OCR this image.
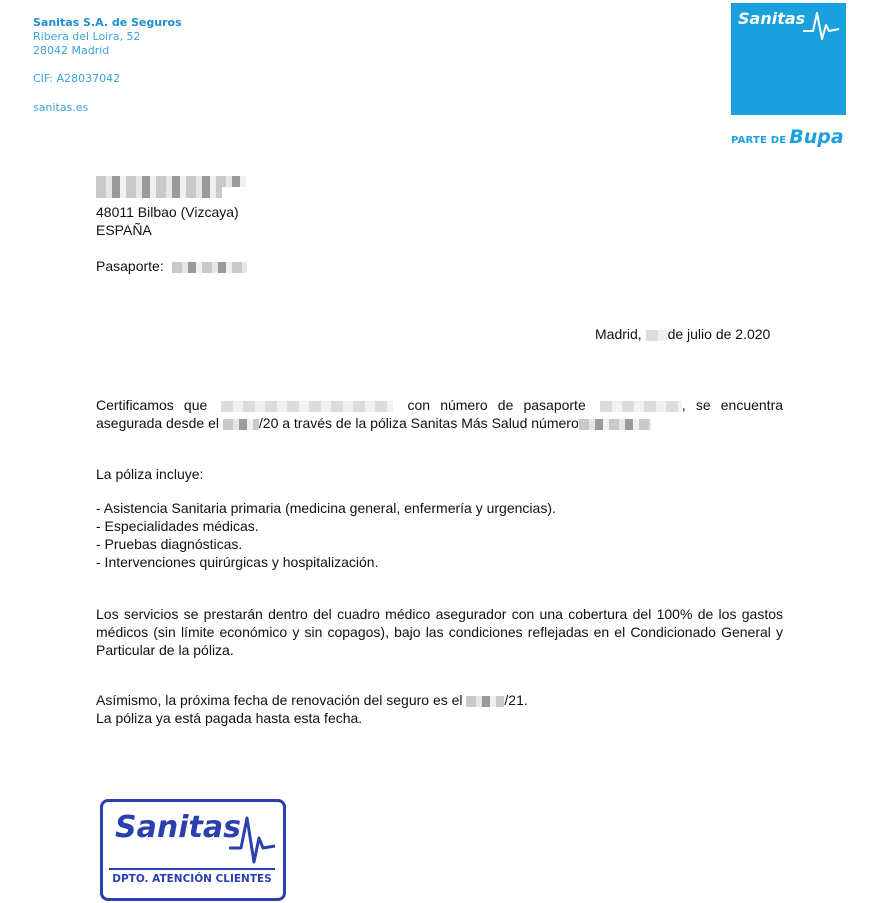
Sanitas S.A. de Seguros
Ribera del Loira, 52
28042 Madrid
CIF: A28037042
sanitas.es
Sanitas
PARTE DE Bupa
48011 Bilbao (Vizcaya)
ESPAÑA
Pasaporte:
Madrid, de julio de 2.020
Certificamos que	con número de pasaporte	, se encuentra asegurada desde el	/20 a través de la póliza Sanitas Más Salud número
La póliza incluye:
- Asistencia Sanitaria primaria (medicina general, enfermería y urgencias).
- Especialidades médicas.
- Pruebas diagnósticas.
- Intervenciones quirúrgicas y hospitalización.
Los servicios se prestarán dentro del cuadro médico asegurador con una cobertura del 100% de los gastos médicos (sin límite económico y sin copagos), bajo las condiciones reflejadas en el Condicionado General y Particular de la póliza.
Asímismo, la próxima fecha de renovación del seguro es el	/21.
La póliza ya está pagada hasta esta fecha.
Sanitas
DPTO. ATENCIÓN CLIENTES
